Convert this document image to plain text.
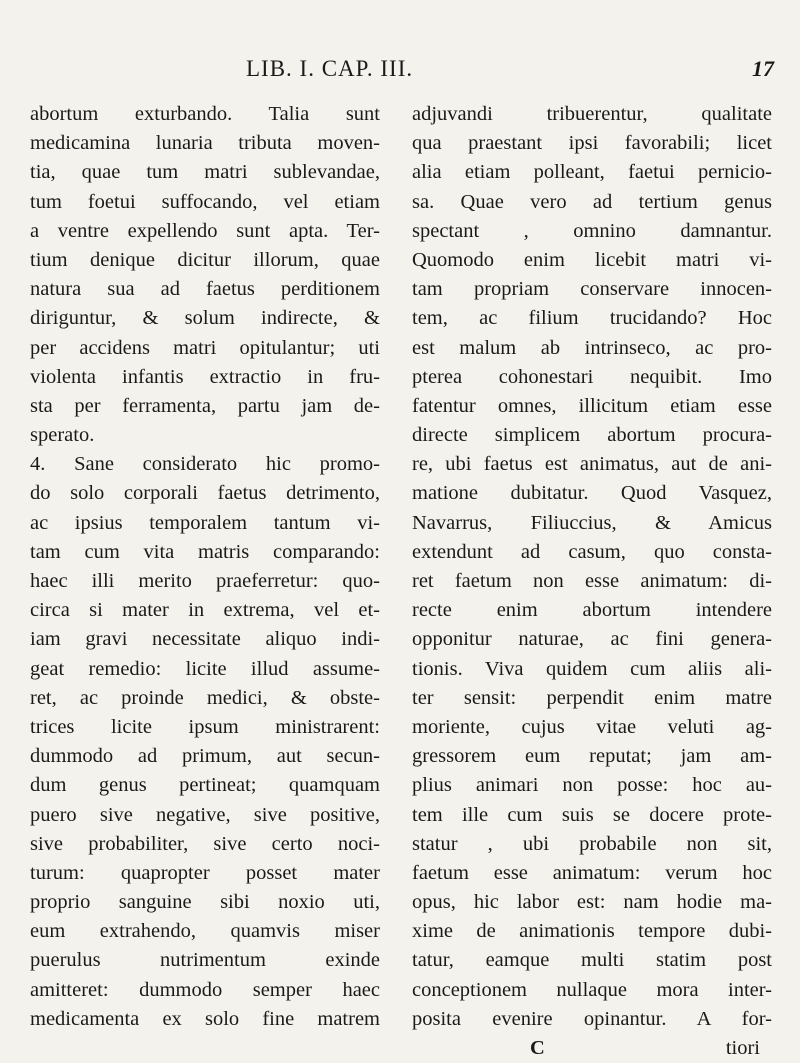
LIB. I. CAP. III.	17
abortum exturbando. Talia sunt
medicamina lunaria tributa moven-
tia, quae tum matri sublevandae,
tum foetui suffocando, vel etiam
a ventre expellendo sunt apta. Ter-
tium denique dicitur illorum, quae
natura sua ad faetus perditionem
diriguntur, & solum indirecte, &
per accidens matri opitulantur; uti
violenta infantis extractio in fru-
sta per ferramenta, partu jam de-
sperato.
4. Sane considerato hic promo-
do solo corporali faetus detrimento,
ac ipsius temporalem tantum vi-
tam cum vita matris comparando:
haec illi merito praeferretur: quo-
circa si mater in extrema, vel et-
iam gravi necessitate aliquo indi-
geat remedio: licite illud assume-
ret, ac proinde medici, & obste-
trices licite ipsum ministrarent:
dummodo ad primum, aut secun-
dum genus pertineat; quamquam
puero sive negative, sive positive,
sive probabiliter, sive certo noci-
turum: quapropter posset mater
proprio sanguine sibi noxio uti,
eum extrahendo, quamvis miser
puerulus nutrimentum exinde
amitteret: dummodo semper haec
medicamenta ex solo fine matrem
adjuvandi tribuerentur, qualitate
qua praestant ipsi favorabili; licet
alia etiam polleant, faetui pernicio-
sa. Quae vero ad tertium genus
spectant , omnino damnantur.
Quomodo enim licebit matri vi-
tam propriam conservare innocen-
tem, ac filium trucidando? Hoc
est malum ab intrinseco, ac pro-
pterea cohonestari nequibit. Imo
fatentur omnes, illicitum etiam esse
directe simplicem abortum procura-
re, ubi faetus est animatus, aut de ani-
matione dubitatur. Quod Vasquez,
Navarrus, Filiuccius, & Amicus
extendunt ad casum, quo consta-
ret faetum non esse animatum: di-
recte enim abortum intendere
opponitur naturae, ac fini genera-
tionis. Viva quidem cum aliis ali-
ter sensit: perpendit enim matre
moriente, cujus vitae veluti ag-
gressorem eum reputat; jam am-
plius animari non posse: hoc au-
tem ille cum suis se docere prote-
statur , ubi probabile non sit,
faetum esse animatum: verum hoc
opus, hic labor est: nam hodie ma-
xime de animationis tempore dubi-
tatur, eamque multi statim post
conceptionem nullaque mora inter-
posita evenire opinantur. A for-
C	tiori
